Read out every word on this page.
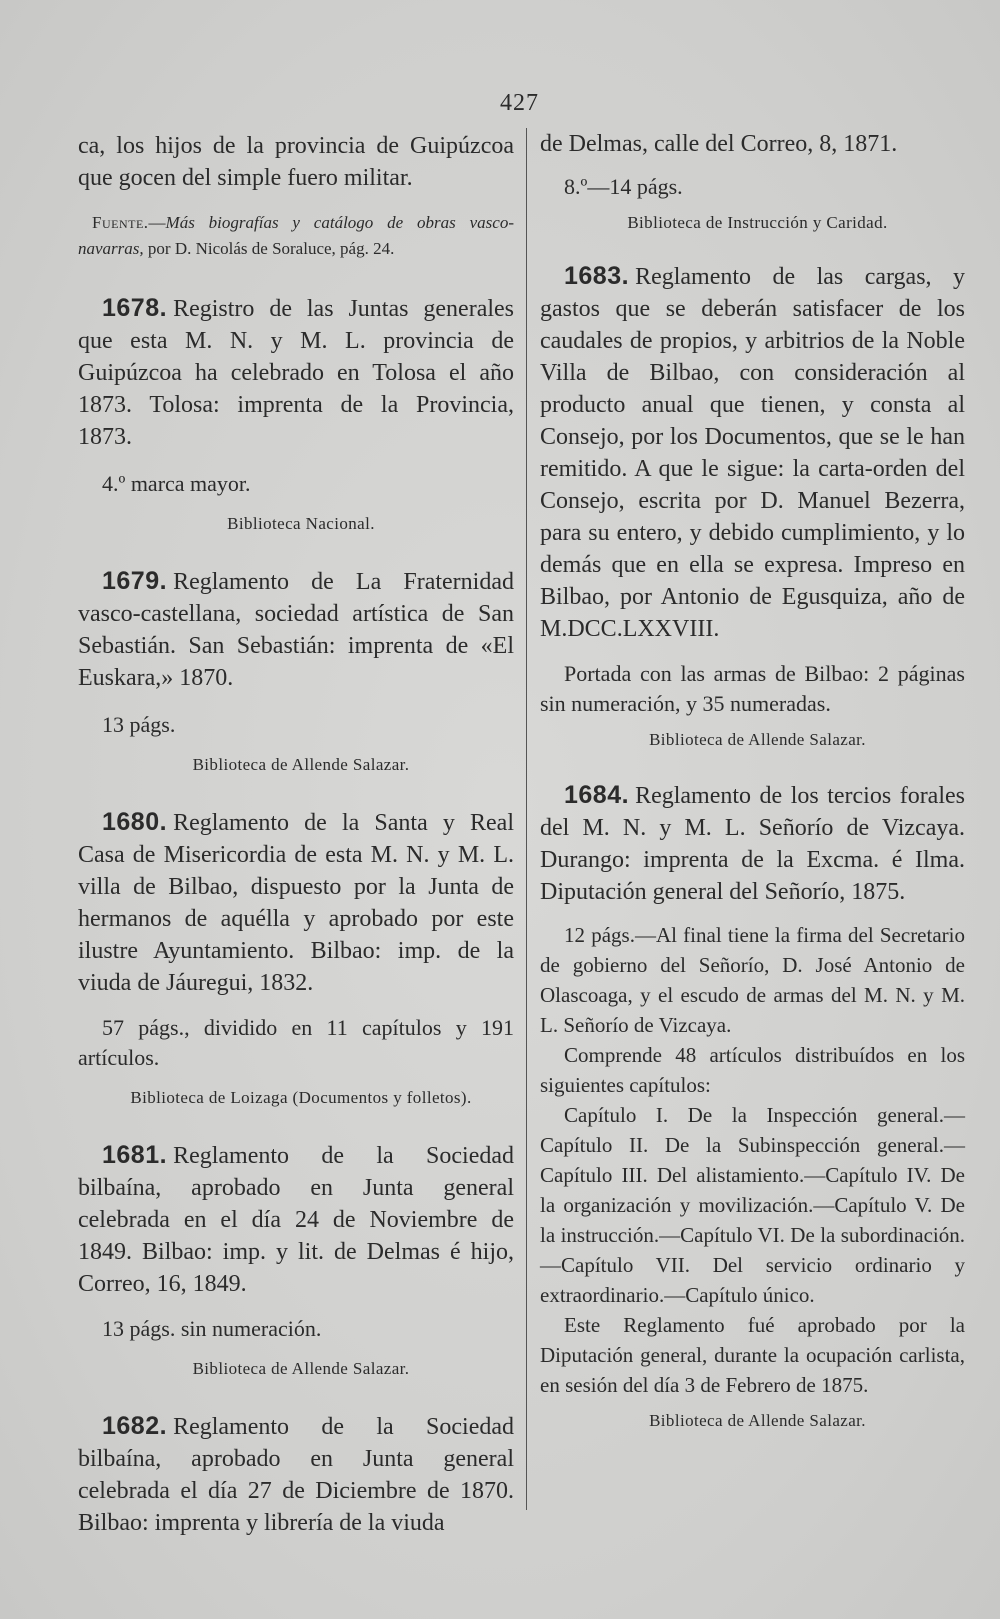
427

ca, los hijos de la provincia de Guipúzcoa que gocen del simple fuero militar.

Fuente.—Más biografías y catálogo de obras vasco-navarras, por D. Nicolás de Soraluce, pág. 24.

1678. Registro de las Juntas generales que esta M. N. y M. L. provincia de Guipúzcoa ha celebrado en Tolosa el año 1873. Tolosa: imprenta de la Provincia, 1873.

4.º marca mayor.

Biblioteca Nacional.

1679. Reglamento de La Fraternidad vasco-castellana, sociedad artística de San Sebastián. San Sebastián: imprenta de «El Euskara,» 1870.

13 págs.

Biblioteca de Allende Salazar.

1680. Reglamento de la Santa y Real Casa de Misericordia de esta M. N. y M. L. villa de Bilbao, dispuesto por la Junta de hermanos de aquélla y aprobado por este ilustre Ayuntamiento. Bilbao: imp. de la viuda de Jáuregui, 1832.

57 págs., dividido en 11 capítulos y 191 artículos.

Biblioteca de Loizaga (Documentos y folletos).

1681. Reglamento de la Sociedad bilbaína, aprobado en Junta general celebrada en el día 24 de Noviembre de 1849. Bilbao: imp. y lit. de Delmas é hijo, Correo, 16, 1849.

13 págs. sin numeración.

Biblioteca de Allende Salazar.

1682. Reglamento de la Sociedad bilbaína, aprobado en Junta general celebrada el día 27 de Diciembre de 1870. Bilbao: imprenta y librería de la viuda

de Delmas, calle del Correo, 8, 1871.

8.º—14 págs.

Biblioteca de Instrucción y Caridad.

1683. Reglamento de las cargas, y gastos que se deberán satisfacer de los caudales de propios, y arbitrios de la Noble Villa de Bilbao, con consideración al producto anual que tienen, y consta al Consejo, por los Documentos, que se le han remitido. A que le sigue: la carta-orden del Consejo, escrita por D. Manuel Bezerra, para su entero, y debido cumplimiento, y lo demás que en ella se expresa. Impreso en Bilbao, por Antonio de Egusquiza, año de M.DCC.LXXVIII.

Portada con las armas de Bilbao: 2 páginas sin numeración, y 35 numeradas.

Biblioteca de Allende Salazar.

1684. Reglamento de los tercios forales del M. N. y M. L. Señorío de Vizcaya. Durango: imprenta de la Excma. é Ilma. Diputación general del Señorío, 1875.

12 págs.—Al final tiene la firma del Secretario de gobierno del Señorío, D. José Antonio de Olascoaga, y el escudo de armas del M. N. y M. L. Señorío de Vizcaya.

Comprende 48 artículos distribuídos en los siguientes capítulos:

Capítulo I. De la Inspección general.—Capítulo II. De la Subinspección general.—Capítulo III. Del alistamiento.—Capítulo IV. De la organización y movilización.—Capítulo V. De la instrucción.—Capítulo VI. De la subordinación.—Capítulo VII. Del servicio ordinario y extraordinario.—Capítulo único.

Este Reglamento fué aprobado por la Diputación general, durante la ocupación carlista, en sesión del día 3 de Febrero de 1875.

Biblioteca de Allende Salazar.
